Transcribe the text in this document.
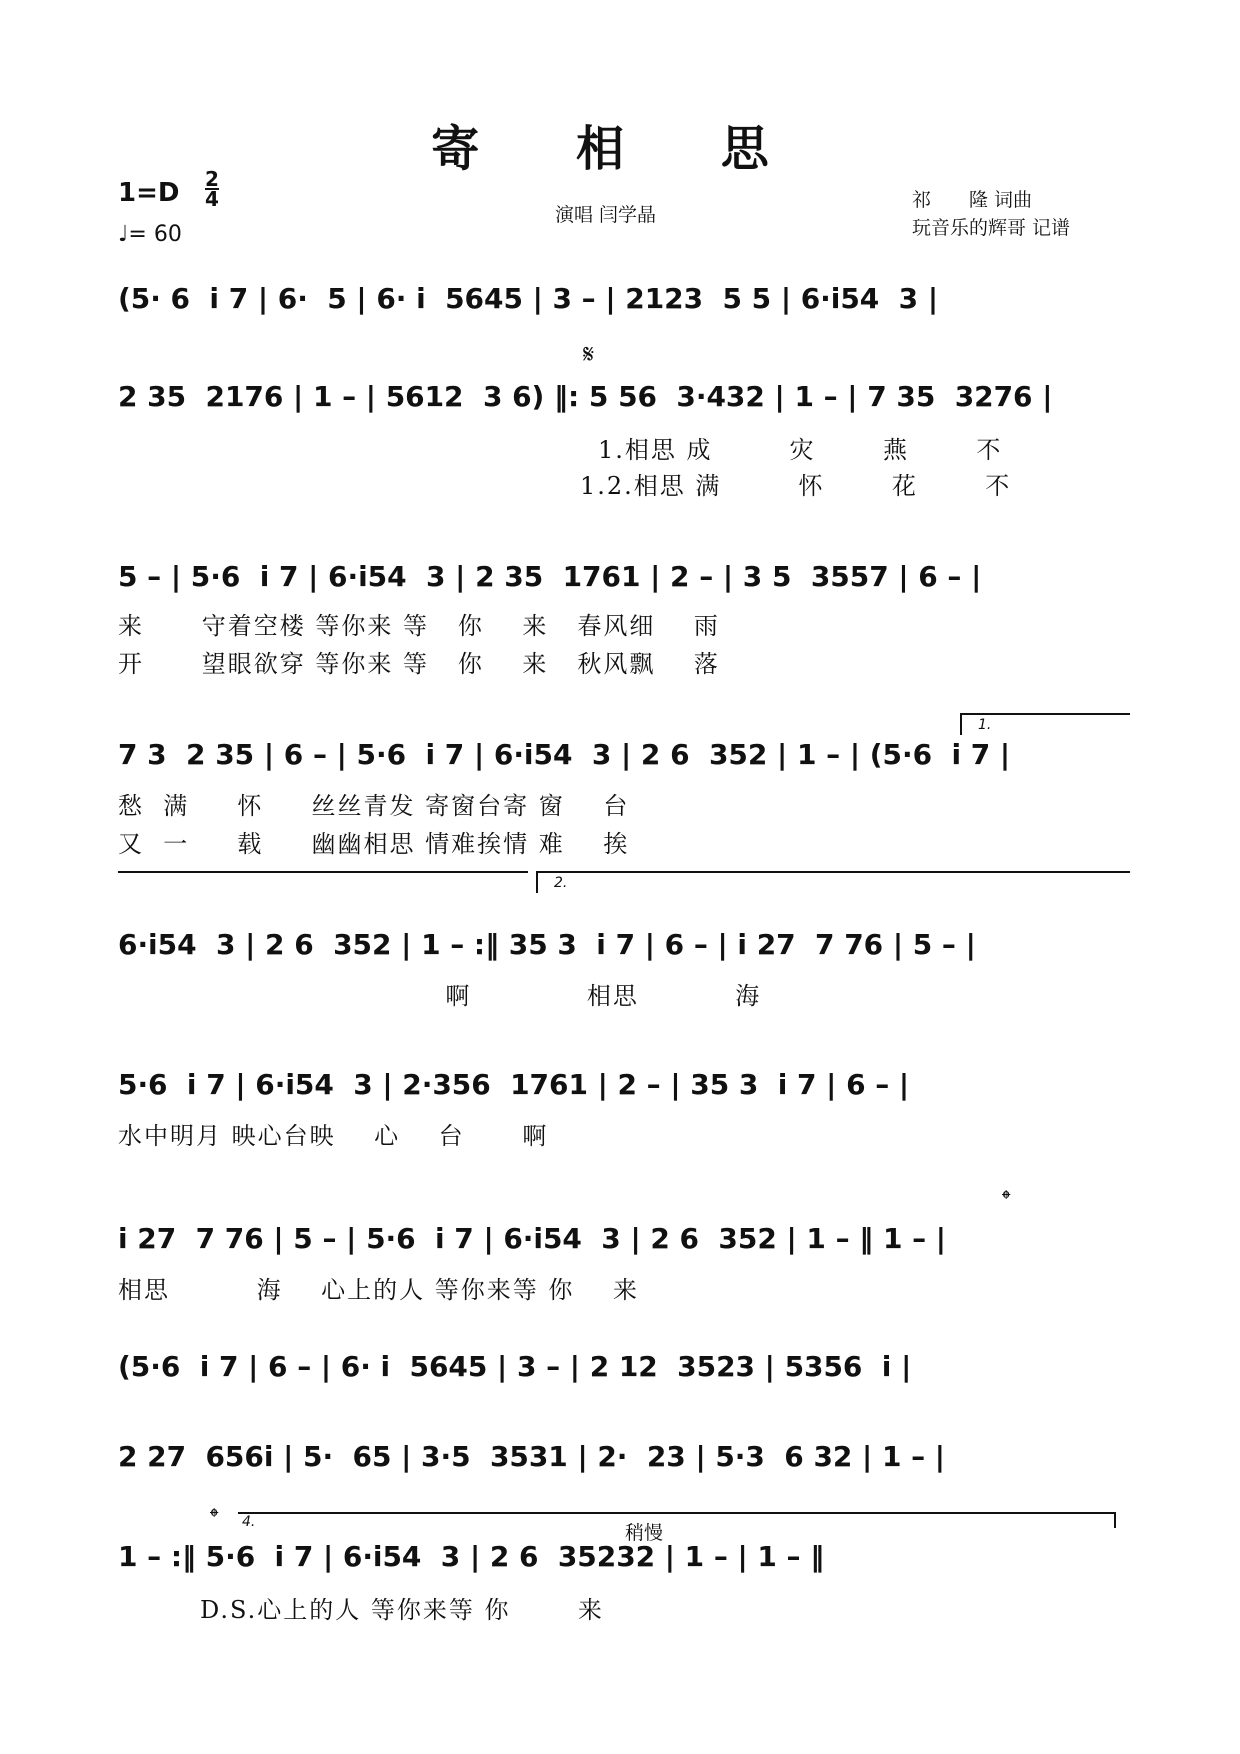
寄 相 思
1=D 2
4
♩= 60
演唱 闫学晶
祁　　隆 词曲
玩音乐的辉哥 记谱
(5· 6  i 7 | 6·  5 | 6· i  5645 | 3 – | 2123  5 5 | 6·i54  3 |
𝄋
2 35  2176 | 1 – | 5612  3 6) ‖: 5 56  3·432 | 1 – | 7 35  3276 |
1.相思 成        灾       燕       不
1.2.相思 满        怀       花       不
5 – | 5·6  i 7 | 6·i54  3 | 2 35  1761 | 2 – | 3 5  3557 | 6 – |
来      守着空楼 等你来 等   你    来   春风细    雨
开      望眼欲穿 等你来 等   你    来   秋风飘    落
1.
7 3  2 35 | 6 – | 5·6  i 7 | 6·i54  3 | 2 6  352 | 1 – | (5·6  i 7 |
愁  满     怀     丝丝青发 寄窗台寄 窗    台
又  一     载     幽幽相思 情难挨情 难    挨
2.
6·i54  3 | 2 6  352 | 1 – :‖ 35 3  i 7 | 6 – | i 27  7 76 | 5 – |
啊            相思          海
5·6  i 7 | 6·i54  3 | 2·356  1761 | 2 – | 35 3  i 7 | 6 – |
水中明月 映心台映    心    台      啊
𝄌
i 27  7 76 | 5 – | 5·6  i 7 | 6·i54  3 | 2 6  352 | 1 – ‖ 1 – |
相思         海    心上的人 等你来等 你    来
(5·6  i 7 | 6 – | 6· i  5645 | 3 – | 2 12  3523 | 5356  i |
2 27  656i | 5·  65 | 3·5  3531 | 2·  23 | 5·3  6 32 | 1 – |
𝄌 4.	稍慢
1 – :‖ 5·6  i 7 | 6·i54  3 | 2 6  35232 | 1 – | 1 – ‖
D.S.心上的人 等你来等 你       来
